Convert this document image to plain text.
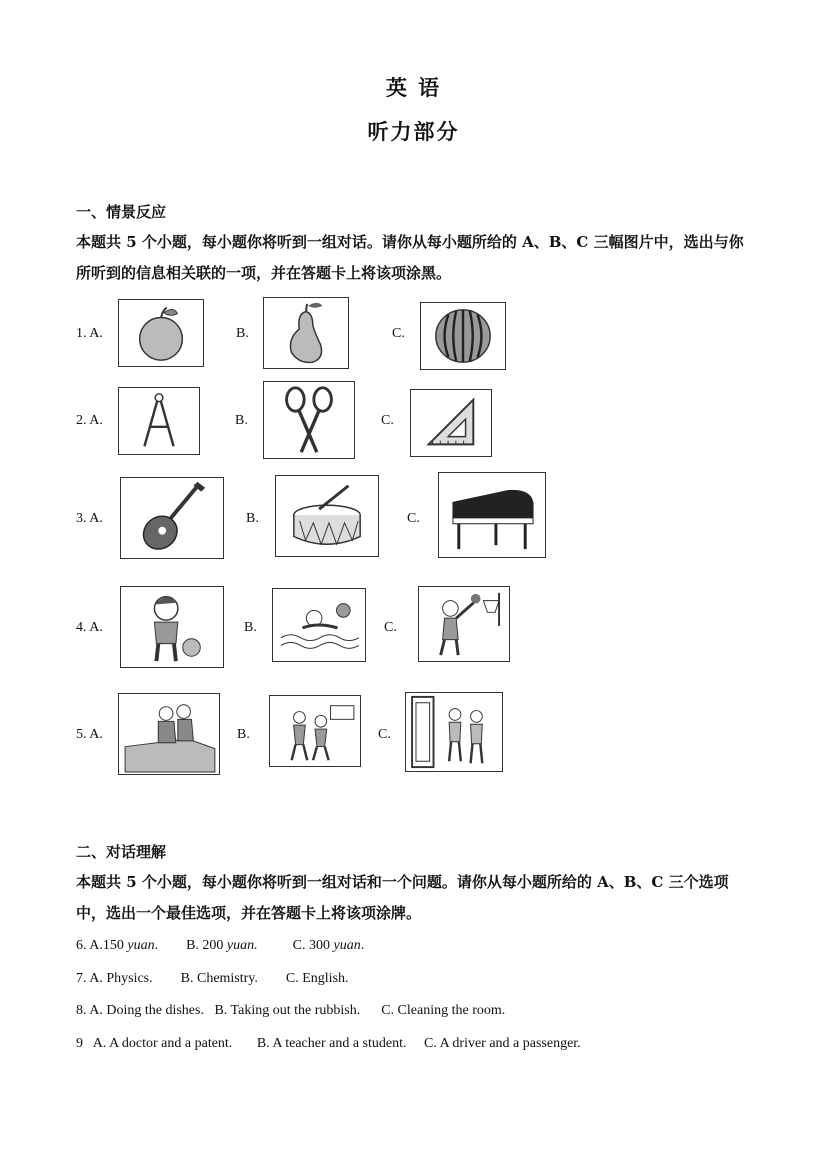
英 语
听力部分
一、情景反应
本题共 5 个小题，每小题你将听到一组对话。请你从每小题所给的 A、B、C 三幅图片中，选出与你所听到的信息相关联的一项，并在答题卡上将该项涂黑。
1. A.	B.	C.
2. A.	B.	C.
3. A.	B.	C.
4. A.	B.	C.
5. A.	B.	C.
二、对话理解
本题共 5 个小题，每小题你将听到一组对话和一个问题。请你从每小题所给的 A、B、C 三个选项中，选出一个最佳选项，并在答题卡上将该项涂牌。
6. A.150 yuan. B. 200 yuan.	C. 300 yuan.
7. A. Physics. B. Chemistry. C. English.
8. A. Doing the dishes. B. Taking out the rubbish. C. Cleaning the room.
9 A. A doctor and a patent. B. A teacher and a student. C. A driver and a passenger.
